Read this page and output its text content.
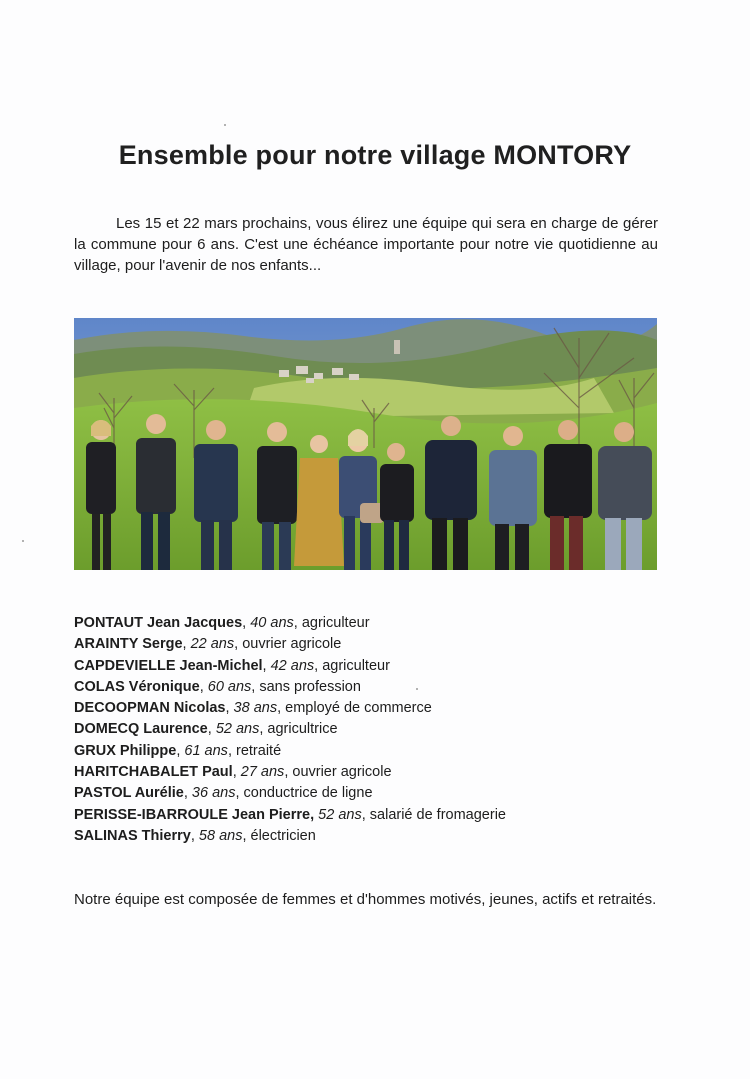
Ensemble pour notre village MONTORY

Les 15 et 22 mars prochains, vous élirez une équipe qui sera en charge de gérer la commune pour 6 ans. C'est une échéance importante pour notre vie quotidienne au village, pour l'avenir de nos enfants...

PONTAUT Jean Jacques, 40 ans, agriculteur
ARAINTY Serge, 22 ans, ouvrier agricole
CAPDEVIELLE Jean-Michel, 42 ans, agriculteur
COLAS Véronique, 60 ans, sans profession
DECOOPMAN Nicolas, 38 ans, employé de commerce
DOMECQ Laurence, 52 ans, agricultrice
GRUX Philippe, 61 ans, retraité
HARITCHABALET Paul, 27 ans, ouvrier agricole
PASTOL Aurélie, 36 ans, conductrice de ligne
PERISSE-IBARROULE Jean Pierre, 52 ans, salarié de fromagerie
SALINAS Thierry, 58 ans, électricien

Notre équipe est composée de femmes et d'hommes motivés, jeunes, actifs et retraités.
